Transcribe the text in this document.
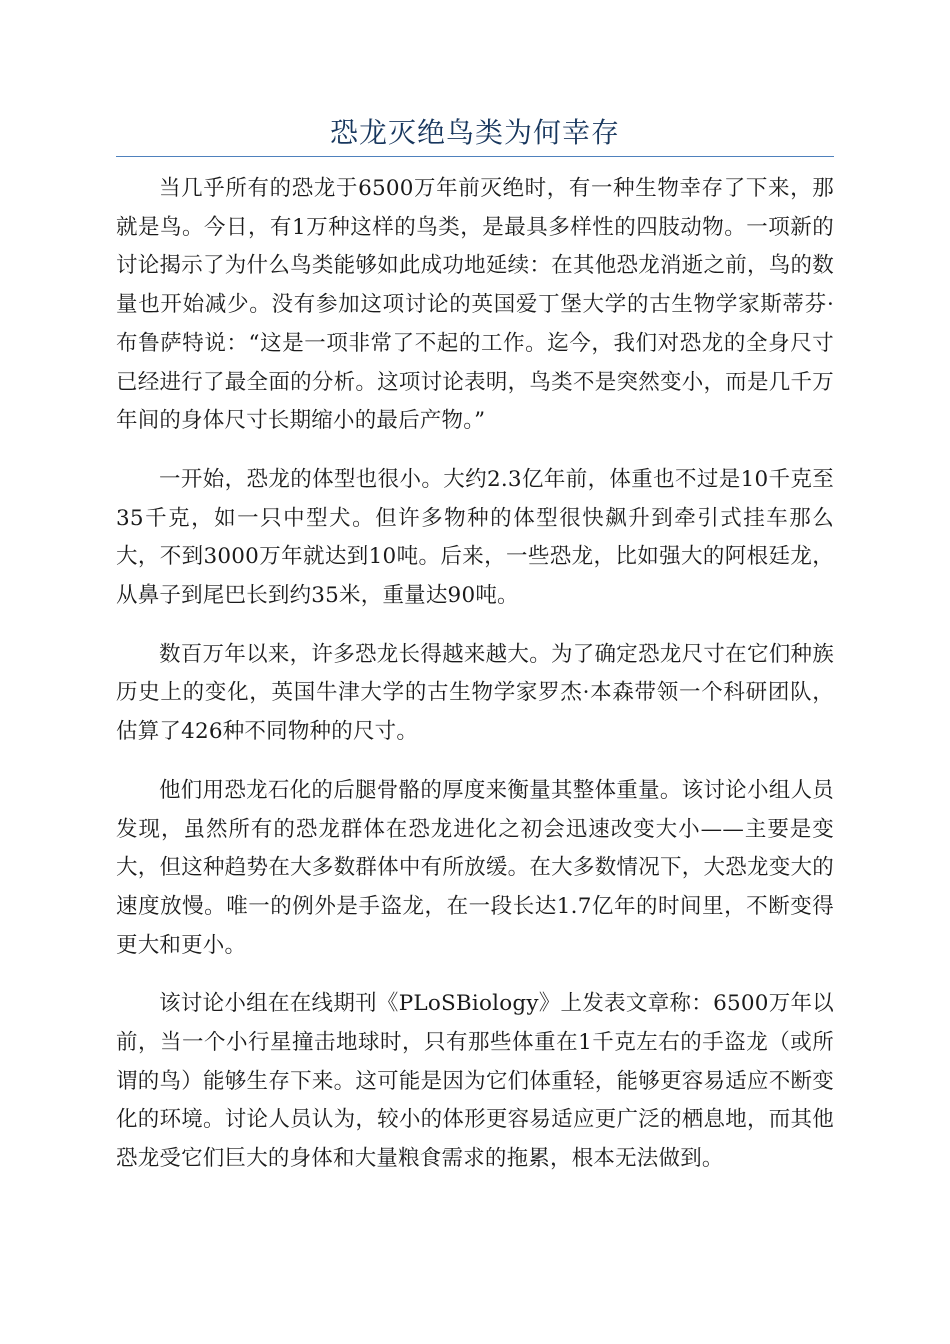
恐龙灭绝鸟类为何幸存

当几乎所有的恐龙于6500万年前灭绝时，有一种生物幸存了下来，那就是鸟。今日，有1万种这样的鸟类，是最具多样性的四肢动物。一项新的讨论揭示了为什么鸟类能够如此成功地延续：在其他恐龙消逝之前，鸟的数量也开始减少。没有参加这项讨论的英国爱丁堡大学的古生物学家斯蒂芬·布鲁萨特说：“这是一项非常了不起的工作。迄今，我们对恐龙的全身尺寸已经进行了最全面的分析。这项讨论表明，鸟类不是突然变小，而是几千万年间的身体尺寸长期缩小的最后产物。”

一开始，恐龙的体型也很小。大约2.3亿年前，体重也不过是10千克至35千克，如一只中型犬。但许多物种的体型很快飙升到牵引式挂车那么大，不到3000万年就达到10吨。后来，一些恐龙，比如强大的阿根廷龙，从鼻子到尾巴长到约35米，重量达90吨。

数百万年以来，许多恐龙长得越来越大。为了确定恐龙尺寸在它们种族历史上的变化，英国牛津大学的古生物学家罗杰·本森带领一个科研团队，估算了426种不同物种的尺寸。

他们用恐龙石化的后腿骨骼的厚度来衡量其整体重量。该讨论小组人员发现，虽然所有的恐龙群体在恐龙进化之初会迅速改变大小——主要是变大，但这种趋势在大多数群体中有所放缓。在大多数情况下，大恐龙变大的速度放慢。唯一的例外是手盗龙，在一段长达1.7亿年的时间里，不断变得更大和更小。

该讨论小组在在线期刊《PLoSBiology》上发表文章称：6500万年以前，当一个小行星撞击地球时，只有那些体重在1千克左右的手盗龙（或所谓的鸟）能够生存下来。这可能是因为它们体重轻，能够更容易适应不断变化的环境。讨论人员认为，较小的体形更容易适应更广泛的栖息地，而其他恐龙受它们巨大的身体和大量粮食需求的拖累，根本无法做到。
